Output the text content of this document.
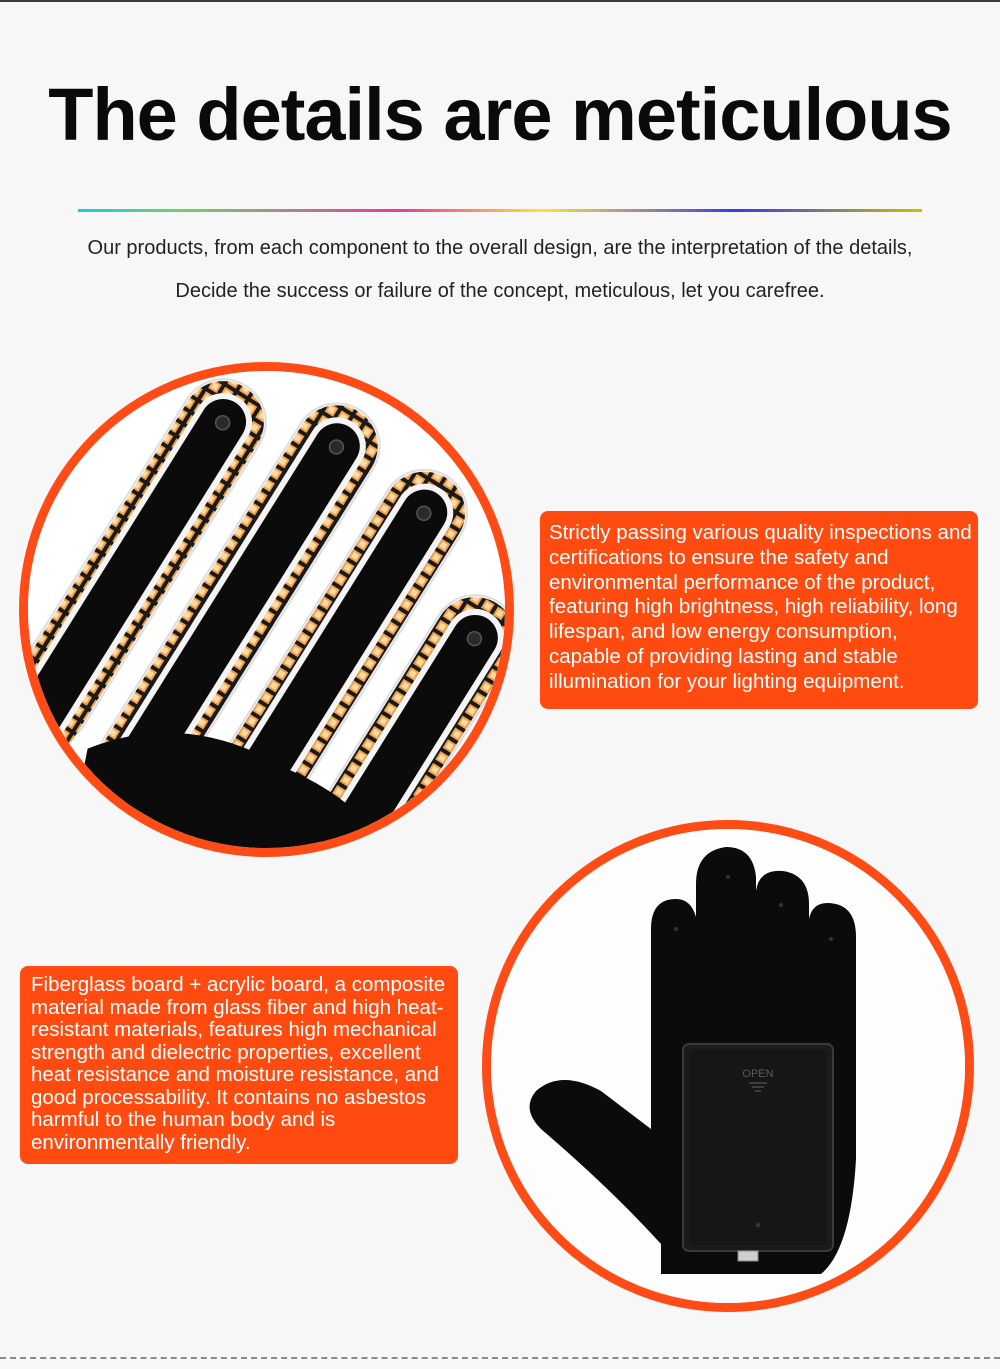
The details are meticulous
Our products, from each component to the overall design, are the interpretation of the details,
Decide the success or failure of the concept, meticulous, let you carefree.
Strictly passing various quality inspections and certifications to ensure the safety and environmental performance of the product, featuring high brightness, high reliability, long lifespan, and low energy consumption, capable of providing lasting and stable illumination for your lighting equipment.
Fiberglass board + acrylic board, a composite material made from glass fiber and high heat-resistant materials, features high mechanical strength and dielectric properties, excellent heat resistance and moisture resistance, and good processability. It contains no asbestos harmful to the human body and is environmentally friendly.
OPEN
